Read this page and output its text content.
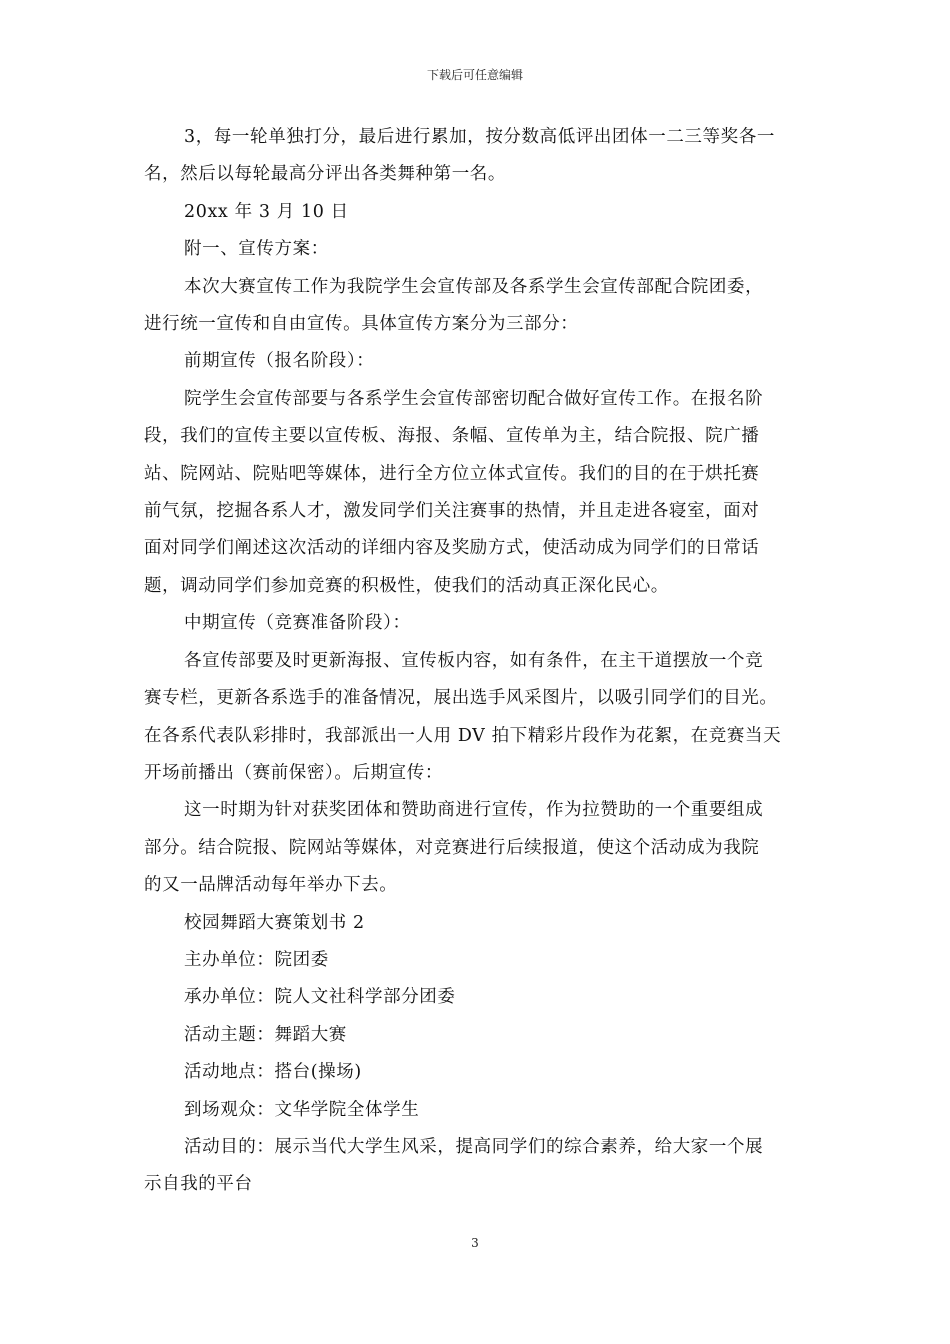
下载后可任意编辑

3，每一轮单独打分，最后进行累加，按分数高低评出团体一二三等奖各一
名，然后以每轮最高分评出各类舞种第一名。
20xx 年 3 月 10 日
附一、宣传方案：
本次大赛宣传工作为我院学生会宣传部及各系学生会宣传部配合院团委，
进行统一宣传和自由宣传。具体宣传方案分为三部分：
前期宣传（报名阶段）：
院学生会宣传部要与各系学生会宣传部密切配合做好宣传工作。在报名阶
段，我们的宣传主要以宣传板、海报、条幅、宣传单为主，结合院报、院广播
站、院网站、院贴吧等媒体，进行全方位立体式宣传。我们的目的在于烘托赛
前气氛，挖掘各系人才，激发同学们关注赛事的热情，并且走进各寝室，面对
面对同学们阐述这次活动的详细内容及奖励方式，使活动成为同学们的日常话
题，调动同学们参加竞赛的积极性，使我们的活动真正深化民心。
中期宣传（竞赛准备阶段）：
各宣传部要及时更新海报、宣传板内容，如有条件，在主干道摆放一个竞
赛专栏，更新各系选手的准备情况，展出选手风采图片，以吸引同学们的目光。
在各系代表队彩排时，我部派出一人用 DV 拍下精彩片段作为花絮，在竞赛当天
开场前播出（赛前保密）。后期宣传：
这一时期为针对获奖团体和赞助商进行宣传，作为拉赞助的一个重要组成
部分。结合院报、院网站等媒体，对竞赛进行后续报道，使这个活动成为我院
的又一品牌活动每年举办下去。
校园舞蹈大赛策划书 2
主办单位：院团委
承办单位：院人文社科学部分团委
活动主题：舞蹈大赛
活动地点：搭台(操场)
到场观众：文华学院全体学生
活动目的：展示当代大学生风采，提高同学们的综合素养，给大家一个展
示自我的平台

3
